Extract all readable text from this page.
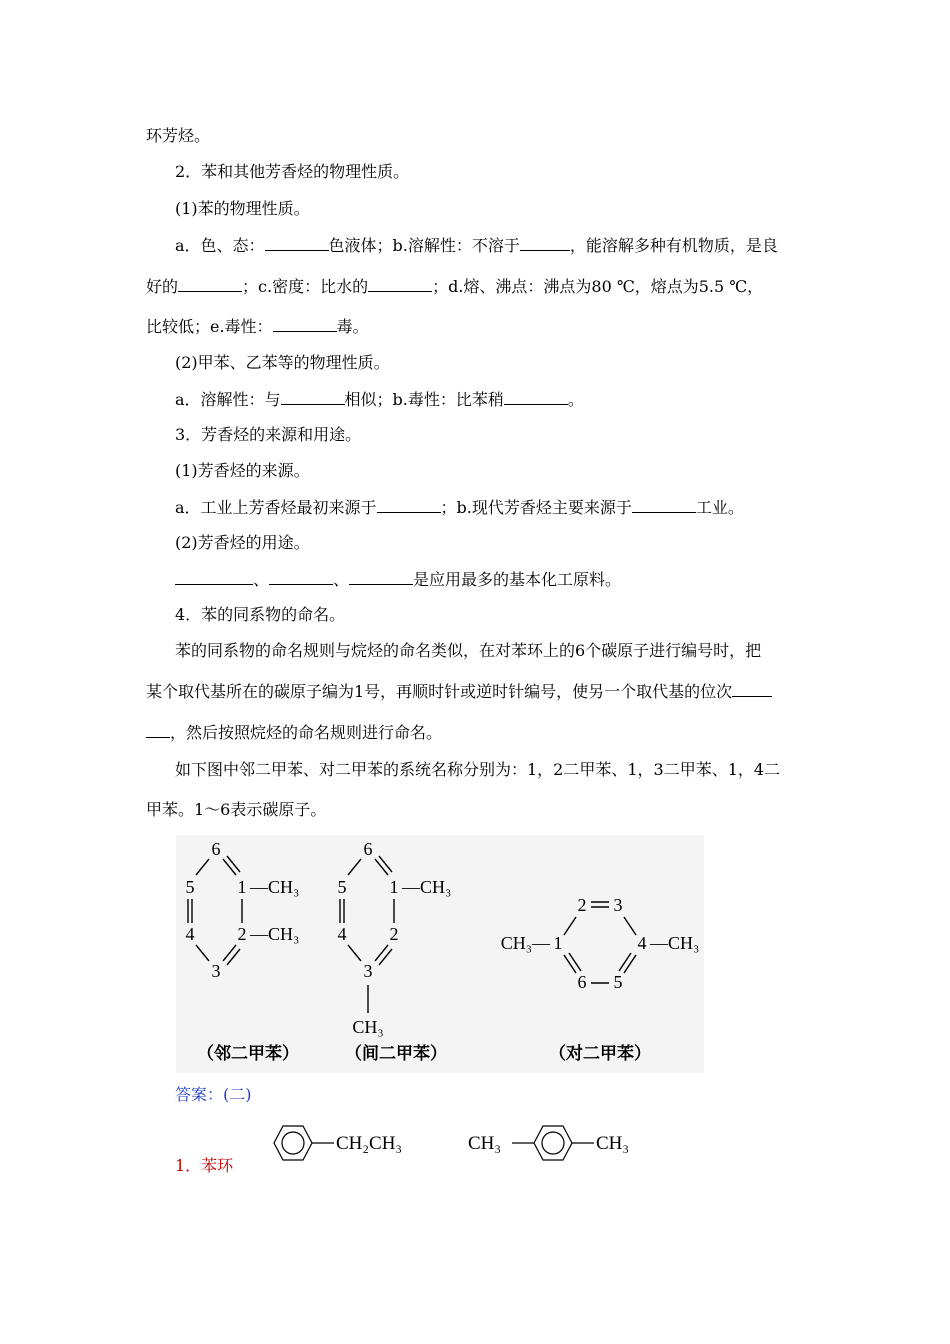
环芳烃。
2．苯和其他芳香烃的物理性质。
(1)苯的物理性质。
a．色、态：	色液体；b.溶解性：不溶于	，能溶解多种有机物质，是良
好的	；c.密度：比水的	；d.熔、沸点：沸点为80 ℃，熔点为5.5 ℃，
比较低；e.毒性：	毒。
(2)甲苯、乙苯等的物理性质。
a．溶解性：与	相似；b.毒性：比苯稍	。
3．芳香烃的来源和用途。
(1)芳香烃的来源。
a．工业上芳香烃最初来源于	；b.现代芳香烃主要来源于	工业。
(2)芳香烃的用途。
、	、	是应用最多的基本化工原料。
4．苯的同系物的命名。
苯的同系物的命名规则与烷烃的命名类似，在对苯环上的6个碳原子进行编号时，把
某个取代基所在的碳原子编为1号，再顺时针或逆时针编号，使另一个取代基的位次
，然后按照烷烃的命名规则进行命名。
如下图中邻二甲苯、对二甲苯的系统名称分别为：1，2二甲苯、1，3二甲苯、1，4二
甲苯。1～6表示碳原子。
6
5 1
4 2
3
—CH₃
—CH₃
（邻二甲苯）
6
5 1
4 2
3
—CH₃
CH₃
（间二甲苯）
2 3
1	4
6 5
CH₃—	—CH₃
（对二甲苯）
答案：(二)
1．苯环
CH₂CH₃	CH₃	CH₃
